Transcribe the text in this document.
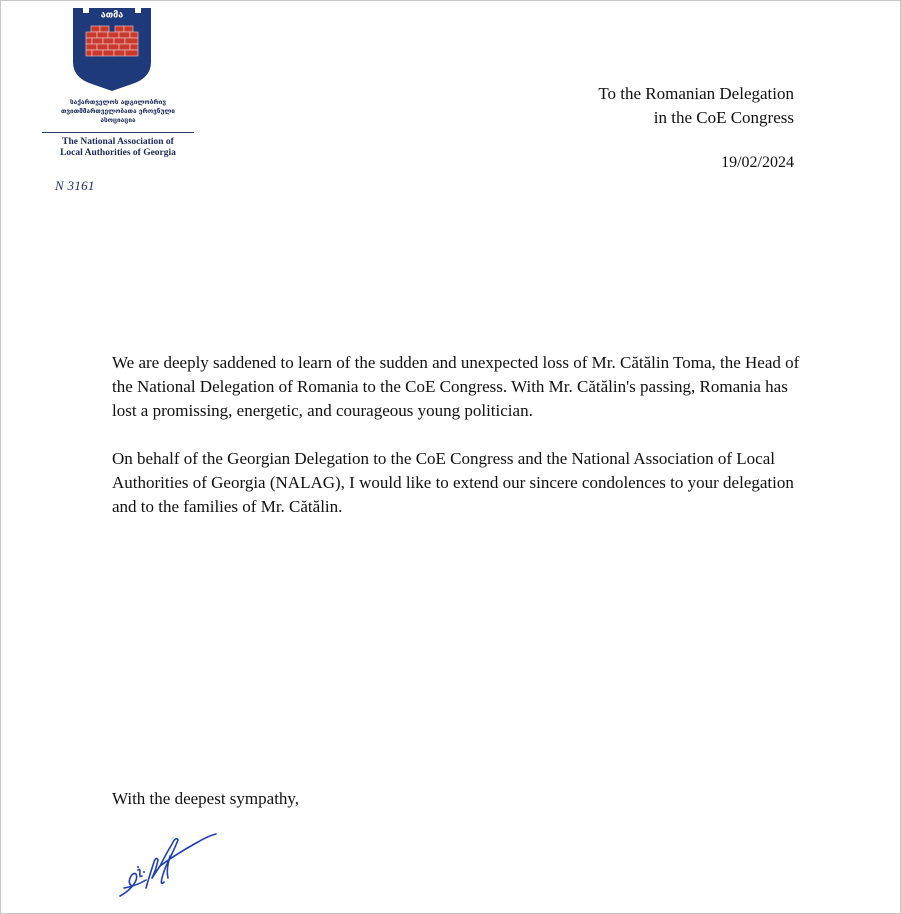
ათმა
საქართველოს ადგილობრივ
თვითმმართველობათა ეროვნული
ასოციაცია
The National Association of
Local Authorities of Georgia
N 3161
To the Romanian Delegation
in the CoE Congress
19/02/2024

We are deeply saddened to learn of the sudden and unexpected loss of Mr. Cătălin Toma, the Head of the National Delegation of Romania to the CoE Congress. With Mr. Cătălin's passing, Romania has lost a promissing, energetic, and courageous young politician.

On behalf of the Georgian Delegation to the CoE Congress and the National Association of Local Authorities of Georgia (NALAG), I would like to extend our sincere condolences to your delegation and to the families of Mr. Cătălin.

With the deepest sympathy,
